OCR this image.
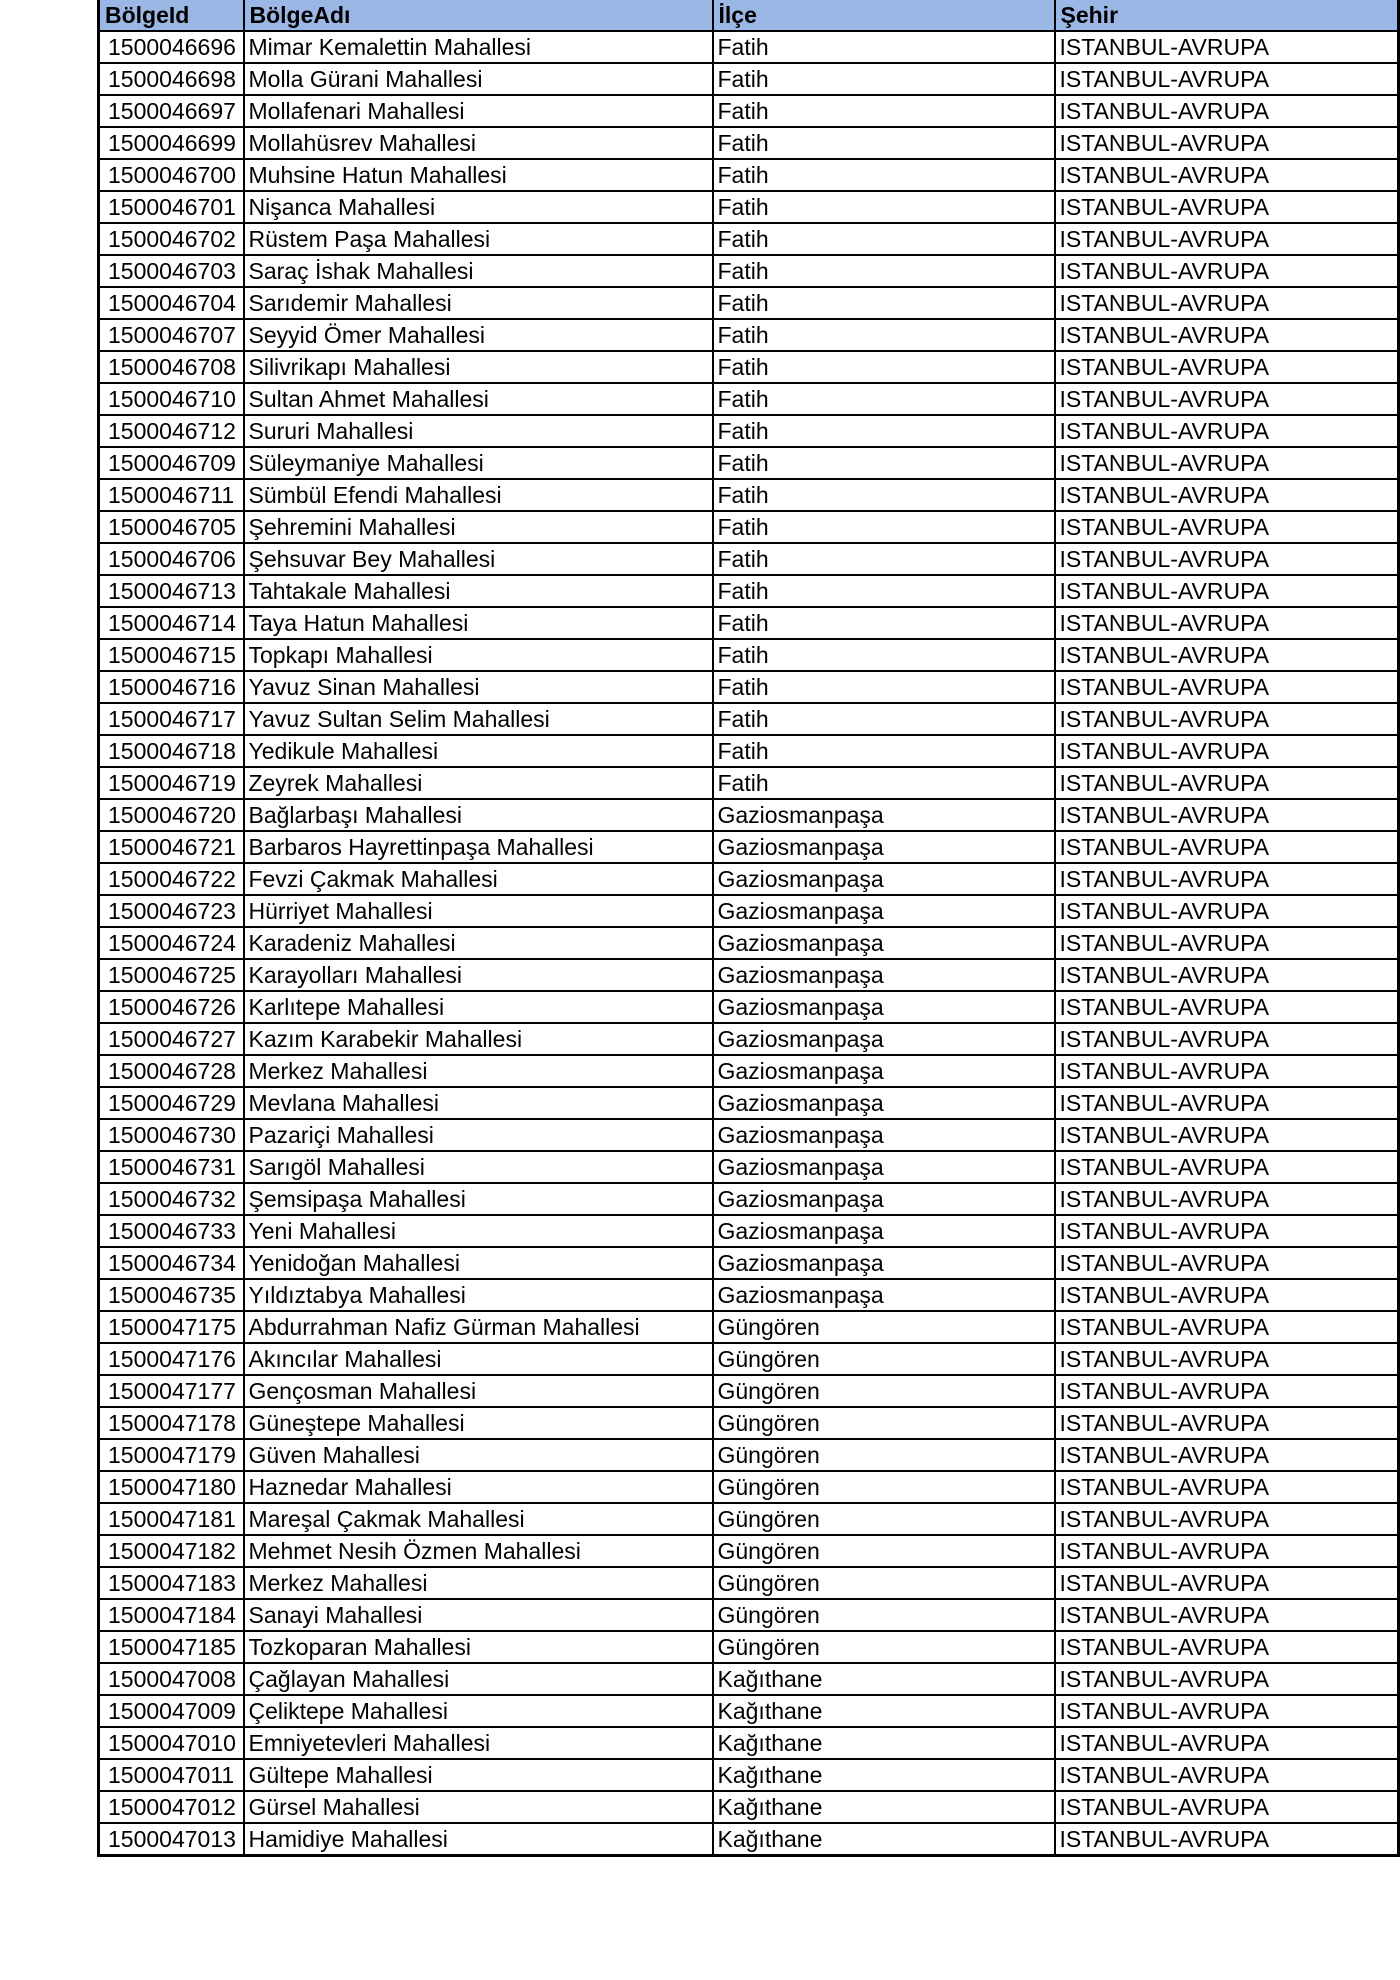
BölgeId	BölgeAdı	İlçe	Şehir
1500046696	Mimar Kemalettin Mahallesi	Fatih	ISTANBUL-AVRUPA
1500046698	Molla Gürani Mahallesi	Fatih	ISTANBUL-AVRUPA
1500046697	Mollafenari Mahallesi	Fatih	ISTANBUL-AVRUPA
1500046699	Mollahüsrev Mahallesi	Fatih	ISTANBUL-AVRUPA
1500046700	Muhsine Hatun Mahallesi	Fatih	ISTANBUL-AVRUPA
1500046701	Nişanca Mahallesi	Fatih	ISTANBUL-AVRUPA
1500046702	Rüstem Paşa Mahallesi	Fatih	ISTANBUL-AVRUPA
1500046703	Saraç İshak Mahallesi	Fatih	ISTANBUL-AVRUPA
1500046704	Sarıdemir Mahallesi	Fatih	ISTANBUL-AVRUPA
1500046707	Seyyid Ömer Mahallesi	Fatih	ISTANBUL-AVRUPA
1500046708	Silivrikapı Mahallesi	Fatih	ISTANBUL-AVRUPA
1500046710	Sultan Ahmet Mahallesi	Fatih	ISTANBUL-AVRUPA
1500046712	Sururi Mahallesi	Fatih	ISTANBUL-AVRUPA
1500046709	Süleymaniye Mahallesi	Fatih	ISTANBUL-AVRUPA
1500046711	Sümbül Efendi Mahallesi	Fatih	ISTANBUL-AVRUPA
1500046705	Şehremini Mahallesi	Fatih	ISTANBUL-AVRUPA
1500046706	Şehsuvar Bey Mahallesi	Fatih	ISTANBUL-AVRUPA
1500046713	Tahtakale Mahallesi	Fatih	ISTANBUL-AVRUPA
1500046714	Taya Hatun Mahallesi	Fatih	ISTANBUL-AVRUPA
1500046715	Topkapı Mahallesi	Fatih	ISTANBUL-AVRUPA
1500046716	Yavuz Sinan Mahallesi	Fatih	ISTANBUL-AVRUPA
1500046717	Yavuz Sultan Selim Mahallesi	Fatih	ISTANBUL-AVRUPA
1500046718	Yedikule Mahallesi	Fatih	ISTANBUL-AVRUPA
1500046719	Zeyrek Mahallesi	Fatih	ISTANBUL-AVRUPA
1500046720	Bağlarbaşı Mahallesi	Gaziosmanpaşa	ISTANBUL-AVRUPA
1500046721	Barbaros Hayrettinpaşa Mahallesi	Gaziosmanpaşa	ISTANBUL-AVRUPA
1500046722	Fevzi Çakmak Mahallesi	Gaziosmanpaşa	ISTANBUL-AVRUPA
1500046723	Hürriyet Mahallesi	Gaziosmanpaşa	ISTANBUL-AVRUPA
1500046724	Karadeniz Mahallesi	Gaziosmanpaşa	ISTANBUL-AVRUPA
1500046725	Karayolları Mahallesi	Gaziosmanpaşa	ISTANBUL-AVRUPA
1500046726	Karlıtepe Mahallesi	Gaziosmanpaşa	ISTANBUL-AVRUPA
1500046727	Kazım Karabekir Mahallesi	Gaziosmanpaşa	ISTANBUL-AVRUPA
1500046728	Merkez Mahallesi	Gaziosmanpaşa	ISTANBUL-AVRUPA
1500046729	Mevlana Mahallesi	Gaziosmanpaşa	ISTANBUL-AVRUPA
1500046730	Pazariçi Mahallesi	Gaziosmanpaşa	ISTANBUL-AVRUPA
1500046731	Sarıgöl Mahallesi	Gaziosmanpaşa	ISTANBUL-AVRUPA
1500046732	Şemsipaşa Mahallesi	Gaziosmanpaşa	ISTANBUL-AVRUPA
1500046733	Yeni Mahallesi	Gaziosmanpaşa	ISTANBUL-AVRUPA
1500046734	Yenidoğan Mahallesi	Gaziosmanpaşa	ISTANBUL-AVRUPA
1500046735	Yıldıztabya Mahallesi	Gaziosmanpaşa	ISTANBUL-AVRUPA
1500047175	Abdurrahman Nafiz Gürman Mahallesi	Güngören	ISTANBUL-AVRUPA
1500047176	Akıncılar Mahallesi	Güngören	ISTANBUL-AVRUPA
1500047177	Gençosman Mahallesi	Güngören	ISTANBUL-AVRUPA
1500047178	Güneştepe Mahallesi	Güngören	ISTANBUL-AVRUPA
1500047179	Güven Mahallesi	Güngören	ISTANBUL-AVRUPA
1500047180	Haznedar Mahallesi	Güngören	ISTANBUL-AVRUPA
1500047181	Mareşal Çakmak Mahallesi	Güngören	ISTANBUL-AVRUPA
1500047182	Mehmet Nesih Özmen Mahallesi	Güngören	ISTANBUL-AVRUPA
1500047183	Merkez Mahallesi	Güngören	ISTANBUL-AVRUPA
1500047184	Sanayi Mahallesi	Güngören	ISTANBUL-AVRUPA
1500047185	Tozkoparan Mahallesi	Güngören	ISTANBUL-AVRUPA
1500047008	Çağlayan Mahallesi	Kağıthane	ISTANBUL-AVRUPA
1500047009	Çeliktepe Mahallesi	Kağıthane	ISTANBUL-AVRUPA
1500047010	Emniyetevleri Mahallesi	Kağıthane	ISTANBUL-AVRUPA
1500047011	Gültepe Mahallesi	Kağıthane	ISTANBUL-AVRUPA
1500047012	Gürsel Mahallesi	Kağıthane	ISTANBUL-AVRUPA
1500047013	Hamidiye Mahallesi	Kağıthane	ISTANBUL-AVRUPA
